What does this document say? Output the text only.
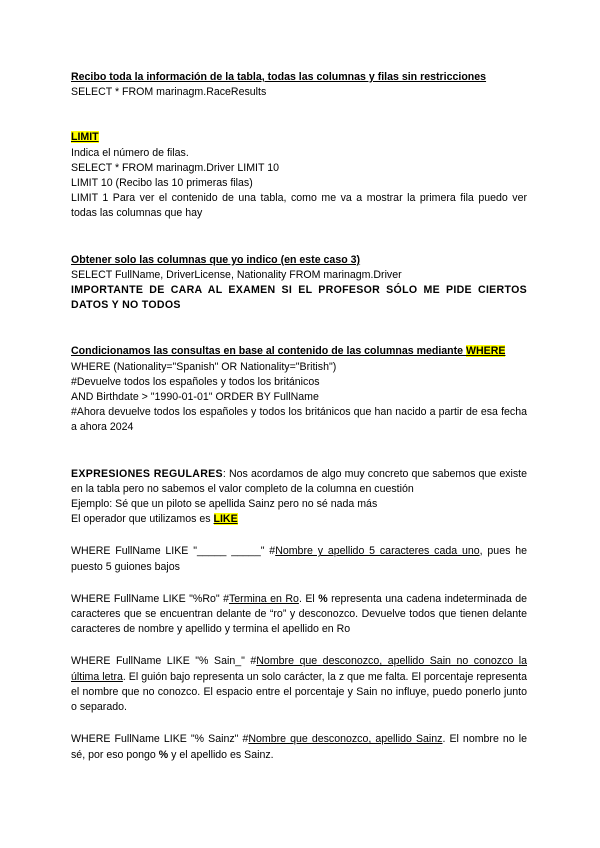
Recibo toda la información de la tabla, todas las columnas y filas sin restricciones

SELECT * FROM marinagm.RaceResults

LIMIT

Indica el número de filas.

SELECT * FROM marinagm.Driver LIMIT 10

LIMIT 10 (Recibo las 10 primeras filas)

LIMIT 1 Para ver el contenido de una tabla, como me va a mostrar la primera fila puedo ver todas las columnas que hay

Obtener solo las columnas que yo indico (en este caso 3)

SELECT FullName, DriverLicense, Nationality FROM marinagm.Driver

IMPORTANTE DE CARA AL EXAMEN SI EL PROFESOR SÓLO ME PIDE CIERTOS DATOS Y NO TODOS

Condicionamos las consultas en base al contenido de las columnas mediante WHERE

WHERE (Nationality="Spanish" OR Nationality="British")

#Devuelve todos los españoles y todos los británicos

AND Birthdate > "1990-01-01" ORDER BY FullName

#Ahora devuelve todos los españoles y todos los británicos que han nacido a partir de esa fecha a ahora 2024

EXPRESIONES REGULARES: Nos acordamos de algo muy concreto que sabemos que existe en la tabla pero no sabemos el valor completo de la columna en cuestión

Ejemplo: Sé que un piloto se apellida Sainz pero no sé nada más

El operador que utilizamos es LIKE

WHERE FullName LIKE "_____ _____" #Nombre y apellido 5 caracteres cada uno, pues he puesto 5 guiones bajos

WHERE FullName LIKE "%Ro" #Termina en Ro. El % representa una cadena indeterminada de caracteres que se encuentran delante de “ro” y desconozco. Devuelve todos que tienen delante caracteres de nombre y apellido y termina el apellido en Ro

WHERE FullName LIKE "% Sain_" #Nombre que desconozco, apellido Sain no conozco la última letra. El guión bajo representa un solo carácter, la z que me falta. El porcentaje representa el nombre que no conozco. El espacio entre el porcentaje y Sain no influye, puedo ponerlo junto o separado.

WHERE FullName LIKE "% Sainz" #Nombre que desconozco, apellido Sainz. El nombre no le sé, por eso pongo % y el apellido es Sainz.
